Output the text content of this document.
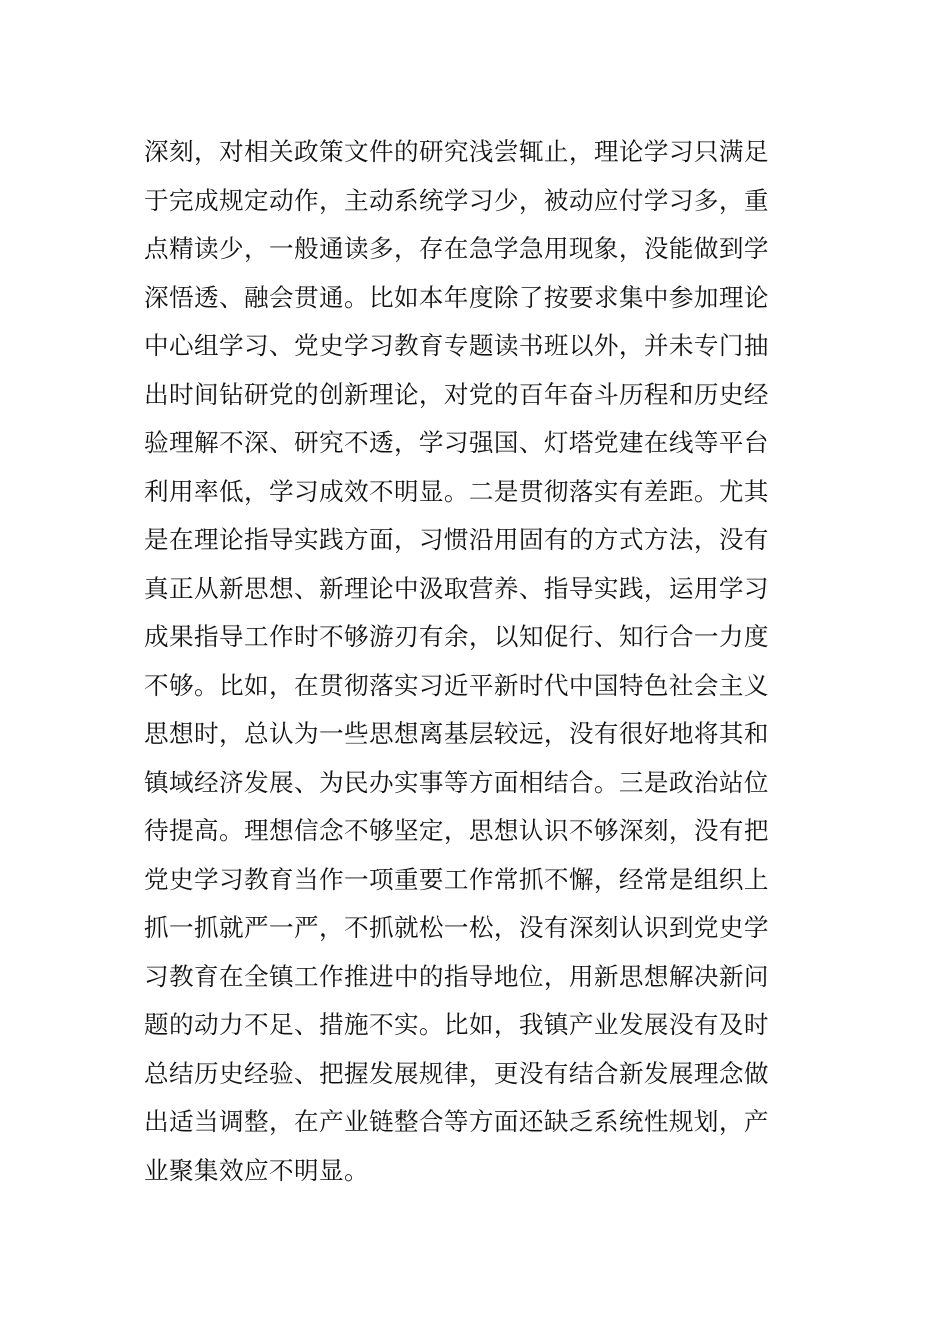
深刻，对相关政策文件的研究浅尝辄止，理论学习只满足
于完成规定动作，主动系统学习少，被动应付学习多，重
点精读少，一般通读多，存在急学急用现象，没能做到学
深悟透、融会贯通。比如本年度除了按要求集中参加理论
中心组学习、党史学习教育专题读书班以外，并未专门抽
出时间钻研党的创新理论，对党的百年奋斗历程和历史经
验理解不深、研究不透，学习强国、灯塔党建在线等平台
利用率低，学习成效不明显。二是贯彻落实有差距。尤其
是在理论指导实践方面，习惯沿用固有的方式方法，没有
真正从新思想、新理论中汲取营养、指导实践，运用学习
成果指导工作时不够游刃有余，以知促行、知行合一力度
不够。比如，在贯彻落实习近平新时代中国特色社会主义
思想时，总认为一些思想离基层较远，没有很好地将其和
镇域经济发展、为民办实事等方面相结合。三是政治站位
待提高。理想信念不够坚定，思想认识不够深刻，没有把
党史学习教育当作一项重要工作常抓不懈，经常是组织上
抓一抓就严一严，不抓就松一松，没有深刻认识到党史学
习教育在全镇工作推进中的指导地位，用新思想解决新问
题的动力不足、措施不实。比如，我镇产业发展没有及时
总结历史经验、把握发展规律，更没有结合新发展理念做
出适当调整，在产业链整合等方面还缺乏系统性规划，产
业聚集效应不明显。
